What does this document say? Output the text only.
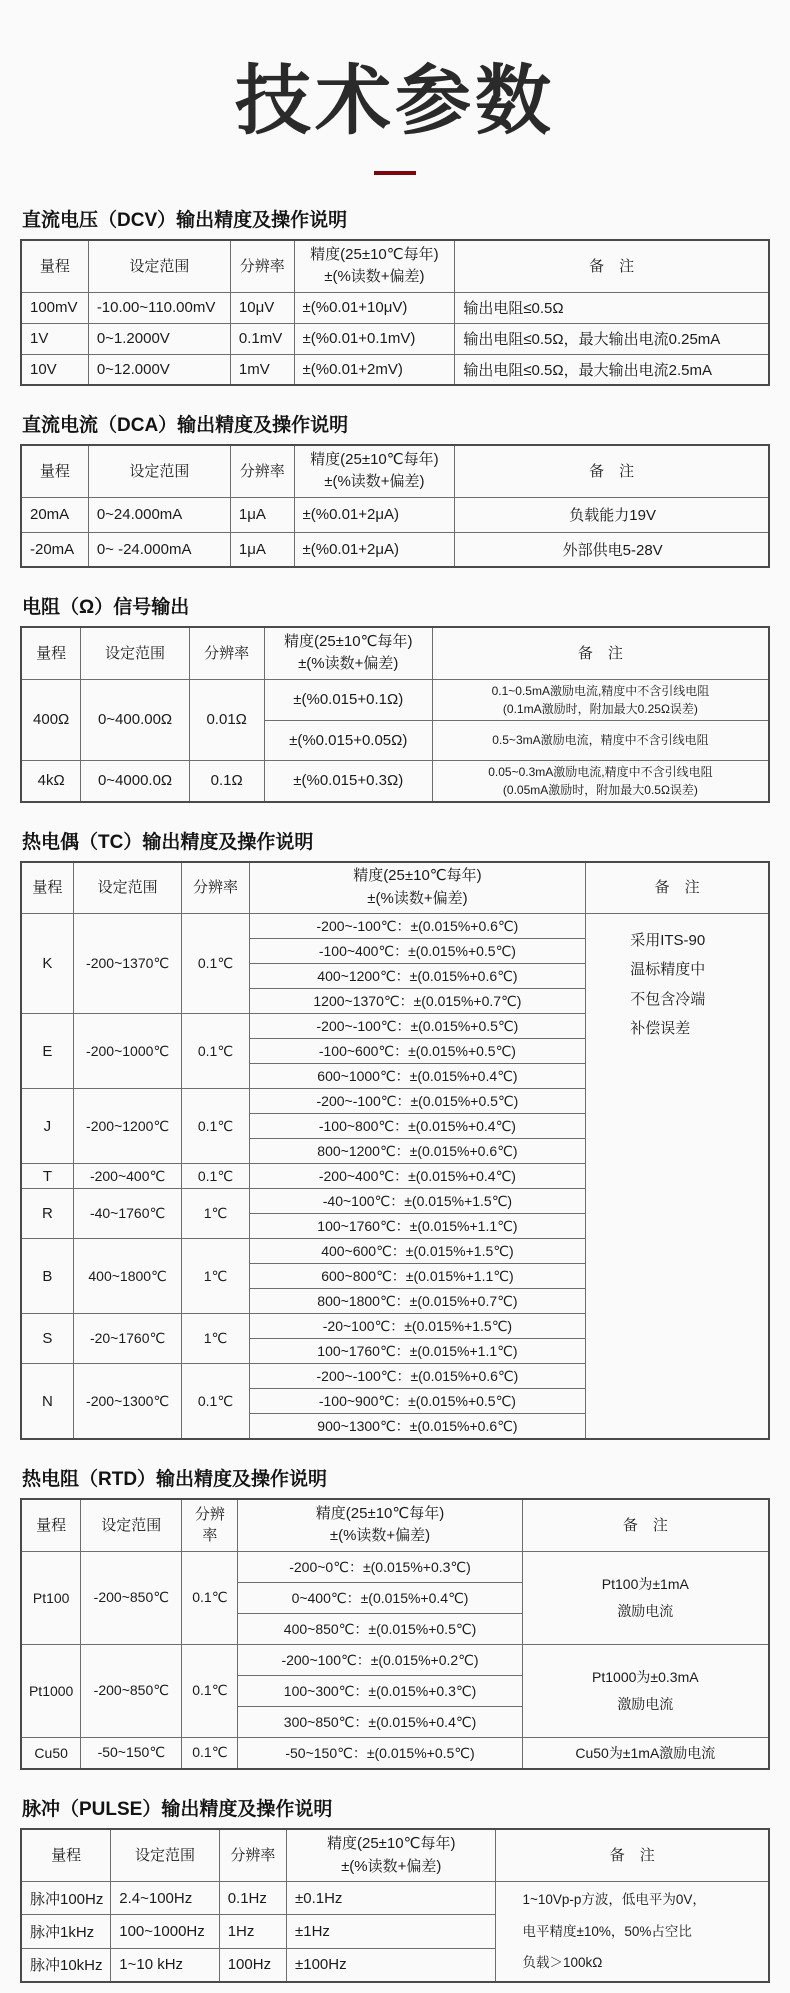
技术参数
直流电压（DCV）输出精度及操作说明
量程	设定范围	分辨率	精度(25±10℃每年)
±(%读数+偏差)	备　注
100mV	-10.00~110.00mV	10μV	±(%0.01+10μV)	输出电阻≤0.5Ω

1V	0~1.2000V	0.1mV	±(%0.01+0.1mV)	输出电阻≤0.5Ω，最大输出电流0.25mA

10V	0~12.000V	1mV	±(%0.01+2mV)	输出电阻≤0.5Ω，最大输出电流2.5mA
直流电流（DCA）输出精度及操作说明
量程	设定范围	分辨率	精度(25±10℃每年)
±(%读数+偏差)	备　注
20mA	0~24.000mA	1μA	±(%0.01+2μA)	负载能力19V

-20mA	0~ -24.000mA	1μA	±(%0.01+2μA)	外部供电5-28V
电阻（Ω）信号输出
量程	设定范围	分辨率	精度(25±10℃每年)
±(%读数+偏差)	备　注
400Ω	0~400.00Ω	0.01Ω	±(%0.015+0.1Ω)	0.1~0.5mA激励电流,精度中不含引线电阻
(0.1mA激励时，附加最大0.25Ω误差)

			±(%0.015+0.05Ω)	0.5~3mA激励电流，精度中不含引线电阻

4kΩ	0~4000.0Ω	0.1Ω	±(%0.015+0.3Ω)	0.05~0.3mA激励电流,精度中不含引线电阻
(0.05mA激励时，附加最大0.5Ω误差)
热电偶（TC）输出精度及操作说明
量程	设定范围	分辨率	精度(25±10℃每年)
±(%读数+偏差)	备　注
K	-200~1370℃	0.1℃	-200~-100℃：±(0.015%+0.6℃)	采用ITS-90
温标精度中
不包含冷端
补偿误差

			-100~400℃：±(0.015%+0.5℃)	
			400~1200℃：±(0.015%+0.6℃)	
			1200~1370℃：±(0.015%+0.7℃)	
E	-200~1000℃	0.1℃	-200~-100℃：±(0.015%+0.5℃)	
			-100~600℃：±(0.015%+0.5℃)	
			600~1000℃：±(0.015%+0.4℃)	
J	-200~1200℃	0.1℃	-200~-100℃：±(0.015%+0.5℃)	
			-100~800℃：±(0.015%+0.4℃)	
			800~1200℃：±(0.015%+0.6℃)	
T	-200~400℃	0.1℃	-200~400℃：±(0.015%+0.4℃)	
R	-40~1760℃	1℃	-40~100℃：±(0.015%+1.5℃)	
			100~1760℃：±(0.015%+1.1℃)	
B	400~1800℃	1℃	400~600℃：±(0.015%+1.5℃)	
			600~800℃：±(0.015%+1.1℃)	
			800~1800℃：±(0.015%+0.7℃)	
S	-20~1760℃	1℃	-20~100℃：±(0.015%+1.5℃)	
			100~1760℃：±(0.015%+1.1℃)	
N	-200~1300℃	0.1℃	-200~-100℃：±(0.015%+0.6℃)	
			-100~900℃：±(0.015%+0.5℃)	
			900~1300℃：±(0.015%+0.6℃)	
热电阻（RTD）输出精度及操作说明
量程	设定范围	分辨率	精度(25±10℃每年)
±(%读数+偏差)	备　注
Pt100	-200~850℃	0.1℃	-200~0℃：±(0.015%+0.3℃)	Pt100为±1mA
激励电流

			0~400℃：±(0.015%+0.4℃)	
			400~850℃：±(0.015%+0.5℃)	
Pt1000	-200~850℃	0.1℃	-200~100℃：±(0.015%+0.2℃)	Pt1000为±0.3mA
激励电流

			100~300℃：±(0.015%+0.3℃)	
			300~850℃：±(0.015%+0.4℃)	
Cu50	-50~150℃	0.1℃	-50~150℃：±(0.015%+0.5℃)	Cu50为±1mA激励电流
脉冲（PULSE）输出精度及操作说明
量程	设定范围	分辨率	精度(25±10℃每年)
±(%读数+偏差)	备　注
脉冲100Hz	2.4~100Hz	0.1Hz	±0.1Hz	1~10Vp-p方波，低电平为0V，
电平精度±10%，50%占空比
负载＞100kΩ

脉冲1kHz	100~1000Hz	1Hz	±1Hz	
脉冲10kHz	1~10 kHz	100Hz	±100Hz	
